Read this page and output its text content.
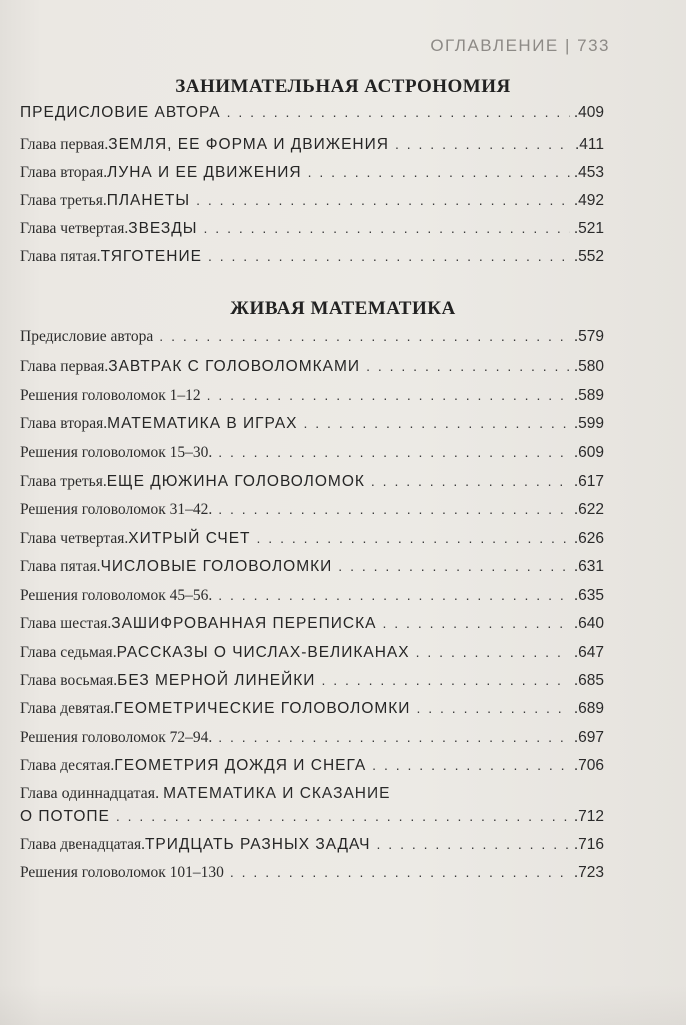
ОГЛАВЛЕНИЕ | 733
ЗАНИМАТЕЛЬНАЯ АСТРОНОМИЯ
ПРЕДИСЛОВИЕ АВТОРА . . .	.409
Глава первая. ЗЕМЛЯ, ЕЕ ФОРМА И ДВИЖЕНИЯ . . .	.411
Глава вторая. ЛУНА И ЕЕ ДВИЖЕНИЯ . . .	.453
Глава третья. ПЛАНЕТЫ . . .	.492
Глава четвертая. ЗВЕЗДЫ . . .	.521
Глава пятая. ТЯГОТЕНИЕ . . .	.552
ЖИВАЯ МАТЕМАТИКА
Предисловие автора . . .	.579
Глава первая. ЗАВТРАК С ГОЛОВОЛОМКАМИ . . .	.580
Решения головоломок 1–12 . . .	.589
Глава вторая. МАТЕМАТИКА В ИГРАХ . . .	.599
Решения головоломок 15–30. . . .	.609
Глава третья. ЕЩЕ ДЮЖИНА ГОЛОВОЛОМОК . . .	.617
Решения головоломок 31–42. . . .	.622
Глава четвертая. ХИТРЫЙ СЧЕТ . . .	.626
Глава пятая. ЧИСЛОВЫЕ ГОЛОВОЛОМКИ . . .	.631
Решения головоломок 45–56. . . .	.635
Глава шестая. ЗАШИФРОВАННАЯ ПЕРЕПИСКА . . .	.640
Глава седьмая. РАССКАЗЫ О ЧИСЛАХ-ВЕЛИКАНАХ . . .	.647
Глава восьмая. БЕЗ МЕРНОЙ ЛИНЕЙКИ . . .	.685
Глава девятая. ГЕОМЕТРИЧЕСКИЕ ГОЛОВОЛОМКИ . . .	.689
Решения головоломок 72–94. . . .	.697
Глава десятая. ГЕОМЕТРИЯ ДОЖДЯ И СНЕГА . . .	.706
Глава одиннадцатая. МАТЕМАТИКА И СКАЗАНИЕ
О ПОТОПЕ . . .	.712
Глава двенадцатая. ТРИДЦАТЬ РАЗНЫХ ЗАДАЧ . . .	.716
Решения головоломок 101–130 . . .	.723
